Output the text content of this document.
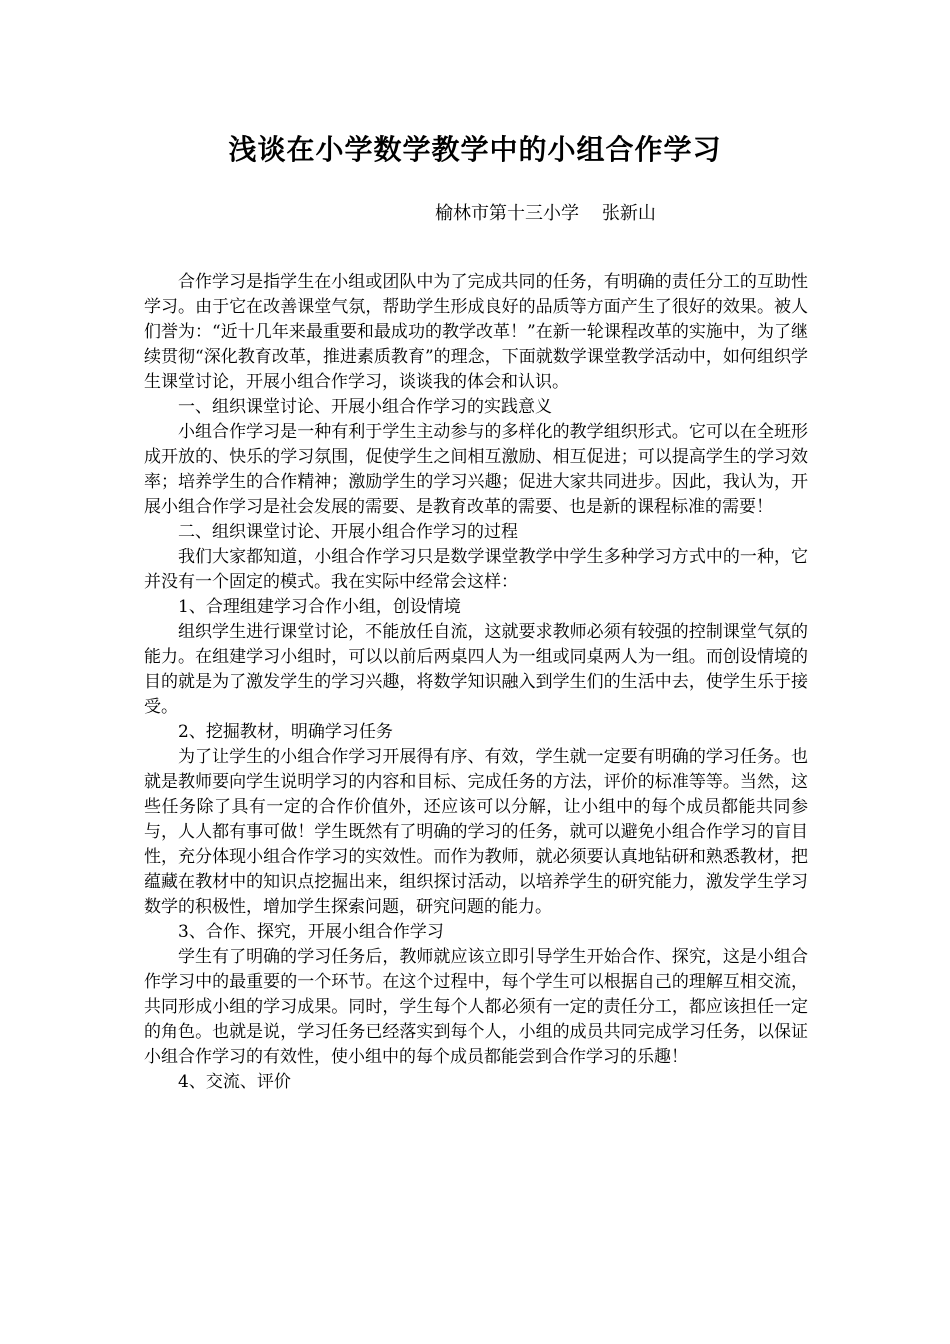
浅谈在小学数学教学中的小组合作学习
榆林市第十三小学    张新山

合作学习是指学生在小组或团队中为了完成共同的任务，有明确的责任分工的互助性学习。由于它在改善课堂气氛，帮助学生形成良好的品质等方面产生了很好的效果。被人们誉为：“近十几年来最重要和最成功的教学改革！”在新一轮课程改革的实施中，为了继续贯彻“深化教育改革，推进素质教育”的理念，下面就数学课堂教学活动中，如何组织学生课堂讨论，开展小组合作学习，谈谈我的体会和认识。

一、组织课堂讨论、开展小组合作学习的实践意义

小组合作学习是一种有利于学生主动参与的多样化的教学组织形式。它可以在全班形成开放的、快乐的学习氛围，促使学生之间相互激励、相互促进；可以提高学生的学习效率；培养学生的合作精神；激励学生的学习兴趣；促进大家共同进步。因此，我认为，开展小组合作学习是社会发展的需要、是教育改革的需要、也是新的课程标准的需要！

二、组织课堂讨论、开展小组合作学习的过程

我们大家都知道，小组合作学习只是数学课堂教学中学生多种学习方式中的一种，它并没有一个固定的模式。我在实际中经常会这样：

1、合理组建学习合作小组，创设情境

组织学生进行课堂讨论，不能放任自流，这就要求教师必须有较强的控制课堂气氛的能力。在组建学习小组时，可以以前后两桌四人为一组或同桌两人为一组。而创设情境的目的就是为了激发学生的学习兴趣，将数学知识融入到学生们的生活中去，使学生乐于接受。

2、挖掘教材，明确学习任务

为了让学生的小组合作学习开展得有序、有效，学生就一定要有明确的学习任务。也就是教师要向学生说明学习的内容和目标、完成任务的方法，评价的标准等等。当然，这些任务除了具有一定的合作价值外，还应该可以分解，让小组中的每个成员都能共同参与，人人都有事可做！学生既然有了明确的学习的任务，就可以避免小组合作学习的盲目性，充分体现小组合作学习的实效性。而作为教师，就必须要认真地钻研和熟悉教材，把蕴藏在教材中的知识点挖掘出来，组织探讨活动，以培养学生的研究能力，激发学生学习数学的积极性，增加学生探索问题，研究问题的能力。

3、合作、探究，开展小组合作学习

学生有了明确的学习任务后，教师就应该立即引导学生开始合作、探究，这是小组合作学习中的最重要的一个环节。在这个过程中，每个学生可以根据自己的理解互相交流，共同形成小组的学习成果。同时，学生每个人都必须有一定的责任分工，都应该担任一定的角色。也就是说，学习任务已经落实到每个人，小组的成员共同完成学习任务，以保证小组合作学习的有效性，使小组中的每个成员都能尝到合作学习的乐趣！

4、交流、评价
